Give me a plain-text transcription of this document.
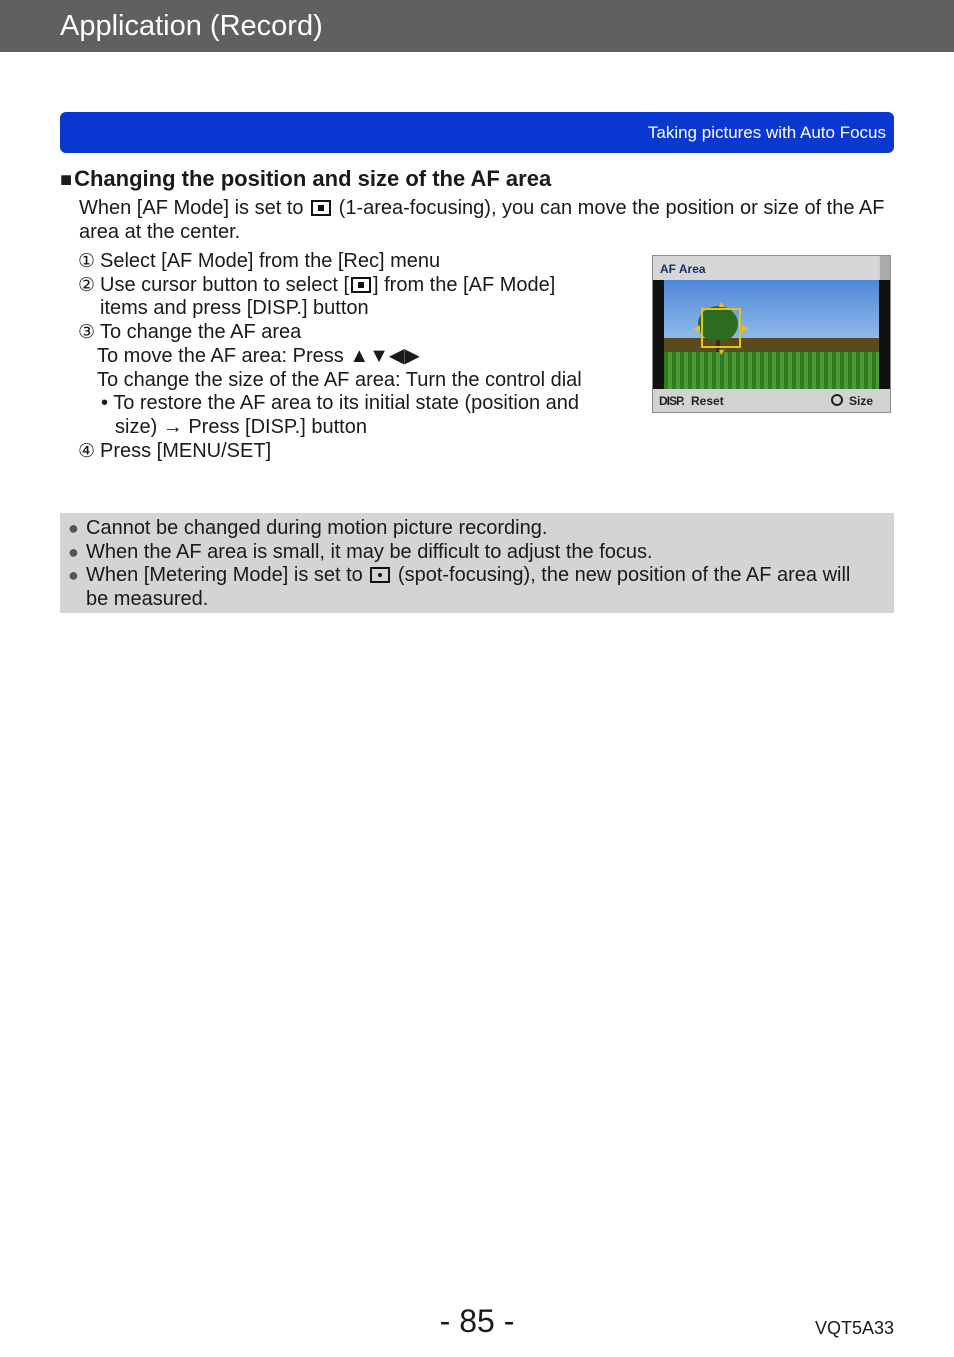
Application (Record)
Taking pictures with Auto Focus
■Changing the position and size of the AF area
When [AF Mode] is set to (1-area-focusing), you can move the position or size of the AF area at the center.
① Select [AF Mode] from the [Rec] menu
② Use cursor button to select [ ] from the [AF Mode]
items and press [DISP.] button
③ To change the AF area
To move the AF area: Press ▲▼◀▶
To change the size of the AF area: Turn the control dial
• To restore the AF area to its initial state (position and
size) → Press [DISP.] button
④ Press [MENU/SET]
AF Area
▲
▼
◀	▶
DISP. Reset	Size
● Cannot be changed during motion picture recording.
● When the AF area is small, it may be difficult to adjust the focus.
● When [Metering Mode] is set to (spot-focusing), the new position of the AF area will be measured.
- 85 -	VQT5A33
